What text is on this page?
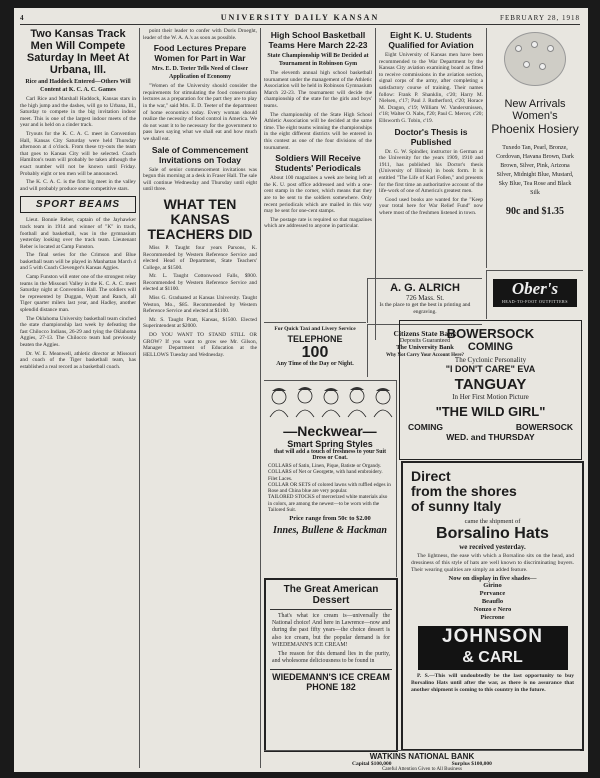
4	UNIVERSITY DAILY KANSAN	FEBRUARY 28, 1918
Two Kansas Track Men Will Compete Saturday In Meet At Urbana, Ill.
Rice and Haddock Entered—Others Will Content at K. C. A. C. Games

Carl Rice and Marshall Haddock, Kansas stars in the high jump and the dashes, will go to Urbana, Ill., Saturday to compete in the big invitation indoor meet. This is one of the largest indoor meets of the year and is held on a cinder track.

Tryouts for the K. C. A. C. meet in Convention Hall, Kansas City Saturday were held Thursday afternoon at 4 o'clock. From these try-outs the team that goes to Kansas City will be selected. Coach Hamilton's team will probably be taken although the exact number will not be known until Friday. Probably eight or ten men will be announced.

The K. C. A. C. is the first big meet in the valley and will probably produce some competitive stars.

SPORT BEAMS

Lieut. Bonnie Reber, captain of the Jayhawker track team in 1914 and winner of "K" in track, football and basketball, was in the gymnasium yesterday looking over the track team. Lieutenant Reber is located at Camp Funston.

The final series for the Crimson and Blue basketball team will be played in Manhattan March 4 and 5 with Coach Clevenger's Kansas Aggies.

Camp Funston will enter one of the strongest relay teams in the Missouri Valley in the K. C. A. C. meet Saturday night at Convention Hall. The soldiers will be represented by Duggan, Wyatt and Ranch, all Tiger quarter milers last year, and Hadley, another splendid distance man.

The Oklahoma University basketball team cinched the state championship last week by defeating the fast Chilocco Indians, 26-29 and tying the Oklahoma Aggies, 27-13. The Chilocco team had previously beaten the Aggies.

Dr. W. E. Meanwell, athletic director at Missouri and coach of the Tiger basketball team, has established a real record as a basketball coach.

point their leader to confer with Doris Droeght, leader of the W. A. A.'s as soon as possible.

Food Lectures Prepare Women for Part in War
Mrs. E. D. Teeter Tells Need of Closer Application of Economy

"Women of the University should consider the requirements for stimulating the food conservation lectures as a preparation for the part they are to play in the war," said Mrs. E. D. Teeter of the department of home economics today. Every woman should realize the necessity of food control in America. We do not want it to be necessary for the government to pass laws saying what we shall eat and how much we shall eat.

Sale of Commencement Invitations on Today

Sale of senior commencement invitations was begun this morning at a desk in Fraser Hall. The sale will continue Wednesday and Thursday until eight until three.

WHAT TEN KANSAS TEACHERS DID

Miss P. Taught four years Parsons, K. Recommended by Western Reference Service and elected Head of Department, State Teachers' College, at $1500.

Mr. L. Taught Cottonwood Falls, $900. Recommended by Western Reference Service and elected at $1100.

Miss G. Graduated at Kansas University. Taught Weston, Mo., $85. Recommended by Western Reference Service and elected at $1100.

Mr. S. Taught Pratt, Kansas, $1500. Elected Superintendent at $2000.

DO YOU WANT TO STAND STILL OR GROW? If you want to grow see Mr. Gilson, Manager Department of Education at the HELLOWS Tuesday and Wednesday.

High School Basketball Teams Here March 22-23
State Championship Will Be Decided at Tournament in Robinson Gym

The eleventh annual high school basketball tournament under the management of the Athletic Association will be held in Robinson Gymnasium March 22-23. The tournament will decide the championship of the state for the girls and boys' teams.

The championship of the State High School Athletic Association will be decided at the same time. The eight teams winning the championships in the eight different districts will be entered in this contest as one of the four divisions of the tournament.

Soldiers Will Receive Students' Periodicals

About 100 magazines a week are being left at the K. U. post office addressed and with a one-cent stamp in the corner, which means that they are to be sent to the soldiers somewhere. Only recent periodicals which are mailed in this way may be sent for one-cent stamps.

The postage rate is required so that magazines which are addressed to anyone in particular.

Eight K. U. Students Qualified for Aviation

Eight University of Kansas men have been recommended to the War Department by the Kansas City aviation examining board as fitted to receive commissions in the aviation section, signal corps of the army, after completing a satisfactory course of training. Their names follow: Frank P. Shanklin, c'20; Harry M. Nielsen, c'17; Paul J. Rutherford, c'20; Horace M. Dragon, c'19; William W. Vandersmissen, c'18; Walter O. Nabs, f'20; Paul C. Mercer, c'20; Ellsworth G. Tobin, c'19.

Doctor's Thesis is Published

Dr. G. W. Spindler, instructor in German at the University for the years 1909, 1910 and 1911, has published his Doctor's thesis (University of Illinois) in book form. It is entitled "The Life of Karl Follen," and presents for the first time an authoritative account of the life-work of one of America's greatest men.

Good used books are wanted for the "Keep your trotal here for War Relief Fund" now where most of the freshmen listened in town.

New Arrivals
Women's
Phoenix Hosiery
Tuxedo Tan, Pearl, Bronze, Cordovan, Havana Brown, Dark Brown, Silver, Pink, Arizona Silver, Midnight Blue, Mustard, Sky Blue, Tea Rose and Black Silk
90c and $1.35
Ober's
HEAD-TO-FOOT OUTFITTERS
For Quick Taxi and Livery Service
TELEPHONE
100
Any Time of the Day or Night.
A. G. ALRICH
726 Mass. St.
Is the place to get the best in printing and engraving.
Citizens State Bank
Deposits Guaranteed
The University Bank
Why Not Carry Your Account Here?
BOWERSOCK
COMING
The Cyclonic Personality
"I DON'T CARE" EVA
TANGUAY
In Her First Motion Picture
"THE WILD GIRL"
COMING	BOWERSOCK
WED. and THURSDAY
—Neckwear—
Smart Spring Styles
that will add a touch of freshness to your Suit Dress or Coat.
COLLARS of Satin, Linen, Pique, Batiste or Organdy.
COLLARS of Net or Georgette, with hand embroidery. Filet Laces.
COLLAR OR SETS of colored lawns with ruffled edges in Rose and China blue are very popular.
TAILORED STOCKS of mercerized white materials also in colors, are among the newest—to be worn with the Tailored Suit.
Price range from 50c to $2.00
Innes, Bullene & Hackman
The Great American Dessert

That's what ice cream is—universally the National choice! And here in Lawrence—now and during the past fifty years—the choice dessert is also ice cream, but the popular demand is for WIEDEMANN'S ICE CREAM!

The reason for this demand lies in the purity, and wholesome deliciousness to be found in

WIEDEMANN'S ICE CREAM
PHONE 182
Direct
from the shores
of sunny Italy
came the shipment of
Borsalino Hats
we received yesterday.

The lightness, the ease with which a Borsalino sits on the head, and dressiness of this style of hats are well known to discriminating buyers. Their wearing qualities are simply an added feature.

Now on display in five shades—
Girino
Pervance
Beauflo
Nonzo e Nero
Piecrone
JOHNSON
& CARL

P. S.—This will undoubtedly be the last opportunity to buy Borsalino Hats until after the war, as there is no assurance that another shipment is coming to this country in the future.

WATKINS NATIONAL BANK
Capital $100,000	Surplus $100,000
Careful Attention Given to All Business
